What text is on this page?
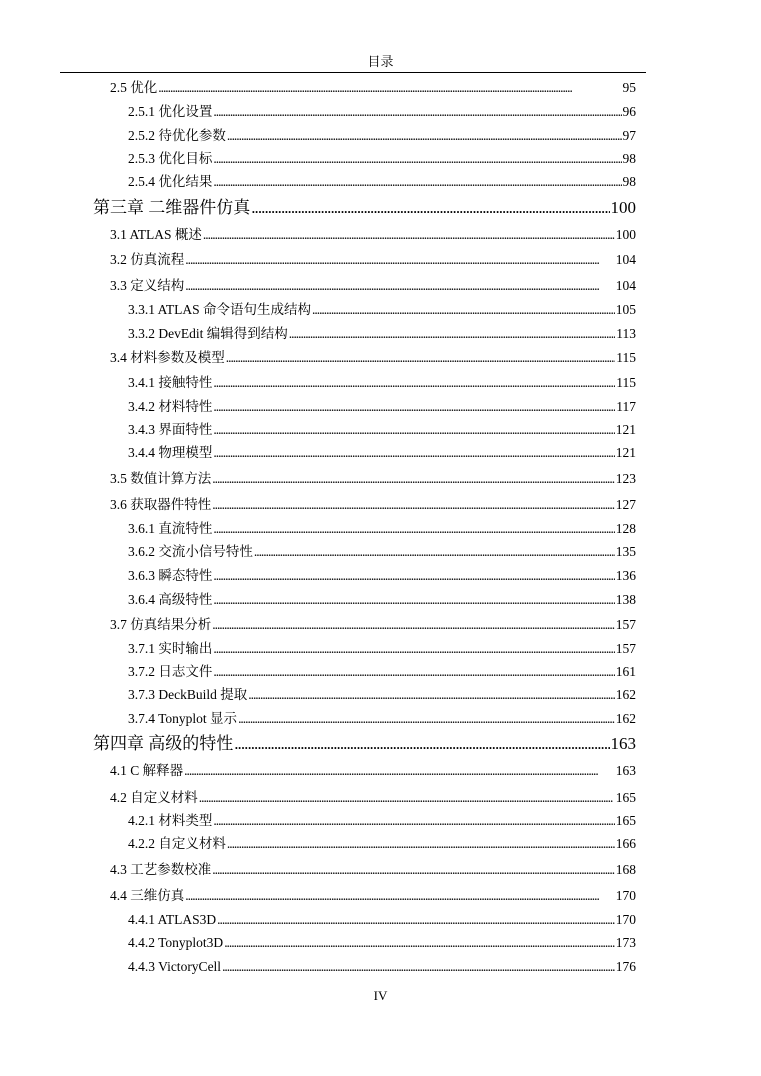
目录
2.5 优化 . . .	95
2.5.1 优化设置 . . .	96
2.5.2 待优化参数 . . .	97
2.5.3 优化目标 . . .	98
2.5.4 优化结果 . . .	98
第三章 二维器件仿真 . . .	100
3.1 ATLAS 概述 . . .	100
3.2 仿真流程 . . .	104
3.3 定义结构 . . .	104
3.3.1 ATLAS 命令语句生成结构 . . .	105
3.3.2 DevEdit 编辑得到结构 . . .	113
3.4 材料参数及模型 . . .	115
3.4.1 接触特性 . . .	115
3.4.2 材料特性 . . .	117
3.4.3 界面特性 . . .	121
3.4.4 物理模型 . . .	121
3.5 数值计算方法 . . .	123
3.6 获取器件特性 . . .	127
3.6.1 直流特性 . . .	128
3.6.2 交流小信号特性 . . .	135
3.6.3 瞬态特性 . . .	136
3.6.4 高级特性 . . .	138
3.7 仿真结果分析 . . .	157
3.7.1 实时输出 . . .	157
3.7.2 日志文件 . . .	161
3.7.3 DeckBuild 提取 . . .	162
3.7.4 Tonyplot 显示 . . .	162
第四章 高级的特性 . . .	163
4.1 C 解释器 . . .	163
4.2 自定义材料 . . .	165
4.2.1 材料类型 . . .	165
4.2.2 自定义材料 . . .	166
4.3 工艺参数校准 . . .	168
4.4 三维仿真 . . .	170
4.4.1 ATLAS3D . . .	170
4.4.2 Tonyplot3D . . .	173
4.4.3 VictoryCell . . .	176
IV
